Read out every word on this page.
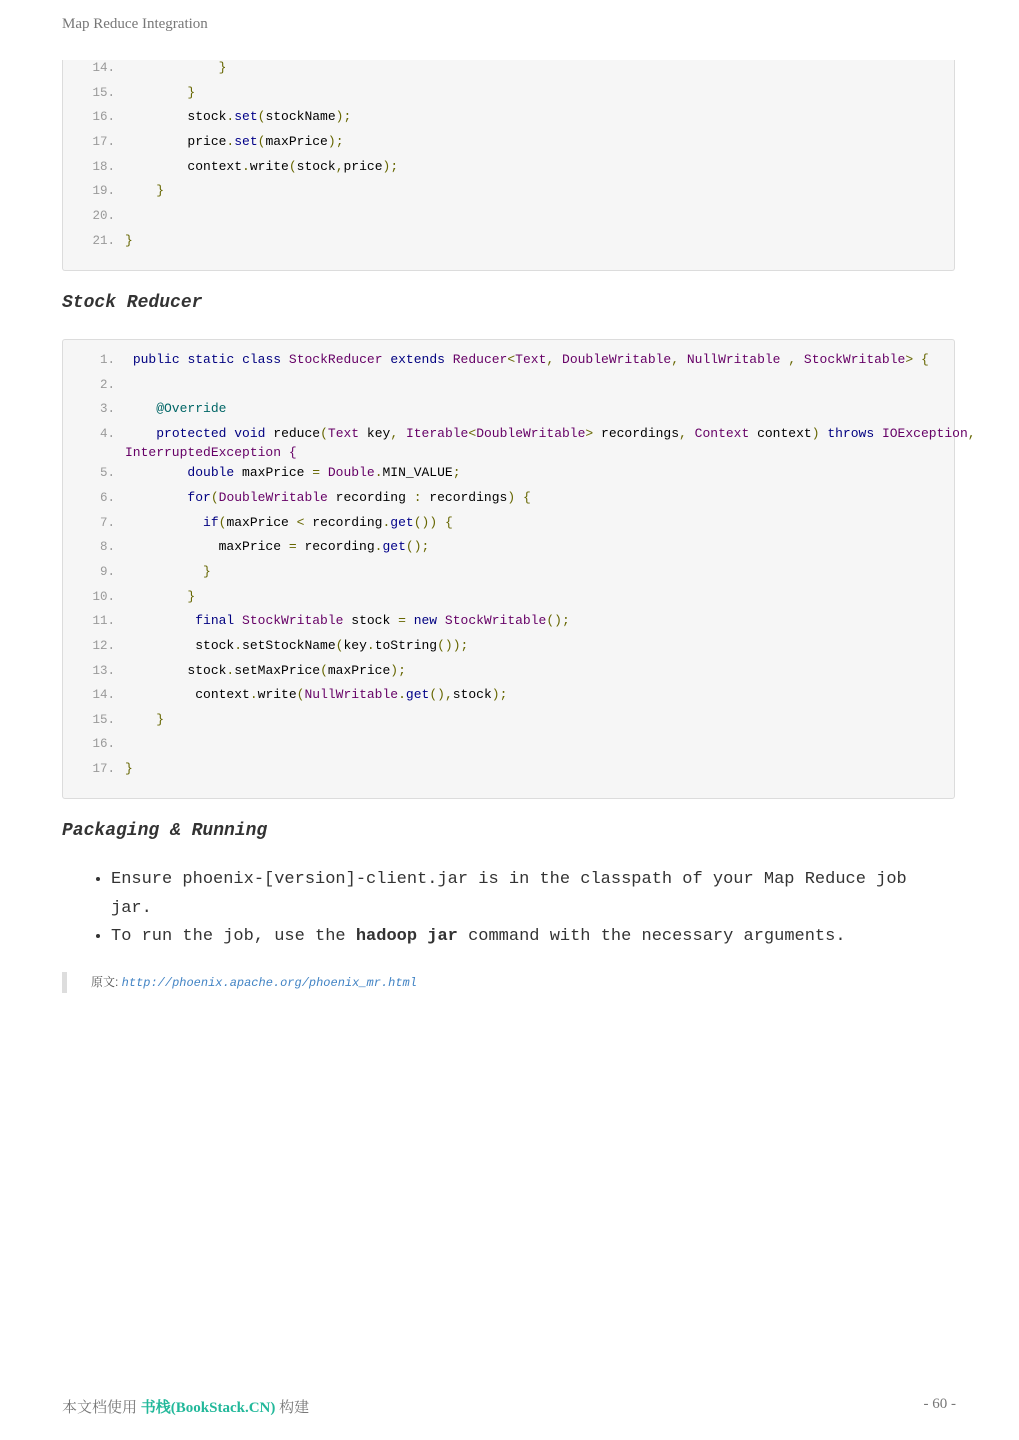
Map Reduce Integration
14. }
15. }
16. stock.set(stockName);
17. price.set(maxPrice);
18. context.write(stock,price);
19. }
20.
21. }
Stock Reducer
1.	public static class StockReducer extends Reducer<Text, DoubleWritable, NullWritable , StockWritable> {
2.
3. @Override
4.	protected void reduce(Text key, Iterable<DoubleWritable> recordings, Context context) throws IOException,
InterruptedException {
5.	double maxPrice = Double.MIN_VALUE;
6.	for(DoubleWritable recording : recordings) {
7.	if(maxPrice < recording.get()) {
8. maxPrice = recording.get();
9. }
10. }
11.	final StockWritable stock = new StockWritable();
12. stock.setStockName(key.toString());
13. stock.setMaxPrice(maxPrice);
14. context.write(NullWritable.get(),stock);
15. }
16.
17. }
Packaging & Running
• Ensure phoenix-[version]-client.jar is in the classpath of your Map Reduce job jar.
• To run the job, use the hadoop jar command with the necessary arguments.
原文: http://phoenix.apache.org/phoenix_mr.html
本文档使用 书栈(BookStack.CN) 构建	- 60 -
